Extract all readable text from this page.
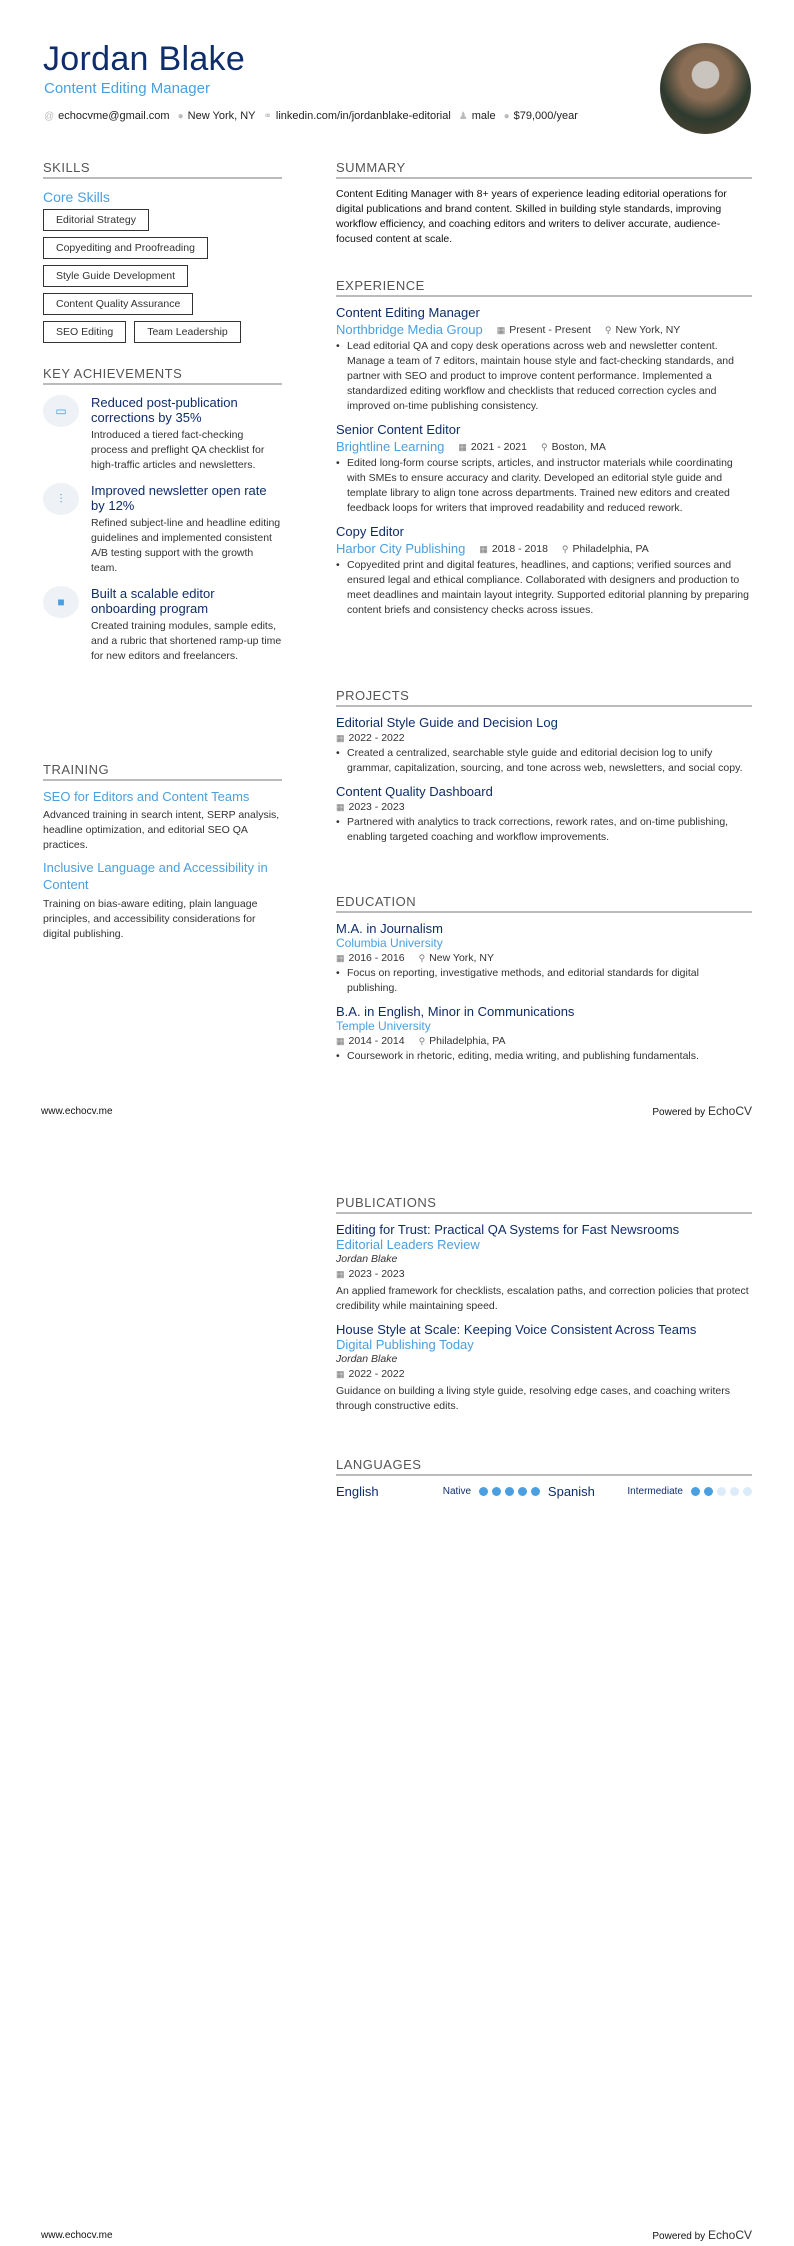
Jordan Blake
Content Editing Manager
@ echocvme@gmail.com ● New York, NY ⚭ linkedin.com/in/jordanblake-editorial ♟ male ● $79,000/year
SKILLS
Core Skills
Editorial Strategy
Copyediting and Proofreading
Style Guide Development
Content Quality Assurance
SEO Editing	Team Leadership
KEY ACHIEVEMENTS
▭
Reduced post-publication corrections by 35%
Introduced a tiered fact-checking process and preflight QA checklist for high-traffic articles and newsletters.
⫶
Improved newsletter open rate by 12%
Refined subject-line and headline editing guidelines and implemented consistent A/B testing support with the growth team.
■
Built a scalable editor onboarding program
Created training modules, sample edits, and a rubric that shortened ramp-up time for new editors and freelancers.
TRAINING
SEO for Editors and Content Teams
Advanced training in search intent, SERP analysis, headline optimization, and editorial SEO QA practices.
Inclusive Language and Accessibility in Content
Training on bias-aware editing, plain language principles, and accessibility considerations for digital publishing.
SUMMARY
Content Editing Manager with 8+ years of experience leading editorial operations for digital publications and brand content. Skilled in building style standards, improving workflow efficiency, and coaching editors and writers to deliver accurate, audience-focused content at scale.
EXPERIENCE
Content Editing Manager
Northbridge Media Group ▦ Present - Present ⚲ New York, NY
• Lead editorial QA and copy desk operations across web and newsletter content. Manage a team of 7 editors, maintain house style and fact-checking standards, and partner with SEO and product to improve content performance. Implemented a standardized editing workflow and checklists that reduced correction cycles and improved on-time publishing consistency.
Senior Content Editor
Brightline Learning ▦ 2021 - 2021 ⚲ Boston, MA
• Edited long-form course scripts, articles, and instructor materials while coordinating with SMEs to ensure accuracy and clarity. Developed an editorial style guide and template library to align tone across departments. Trained new editors and created feedback loops for writers that improved readability and reduced rework.
Copy Editor
Harbor City Publishing ▦ 2018 - 2018 ⚲ Philadelphia, PA
• Copyedited print and digital features, headlines, and captions; verified sources and ensured legal and ethical compliance. Collaborated with designers and production to meet deadlines and maintain layout integrity. Supported editorial planning by preparing content briefs and consistency checks across issues.
PROJECTS
Editorial Style Guide and Decision Log
▦ 2022 - 2022
• Created a centralized, searchable style guide and editorial decision log to unify grammar, capitalization, sourcing, and tone across web, newsletters, and social copy.
Content Quality Dashboard
▦ 2023 - 2023
• Partnered with analytics to track corrections, rework rates, and on-time publishing, enabling targeted coaching and workflow improvements.
EDUCATION
M.A. in Journalism
Columbia University
▦ 2016 - 2016 ⚲ New York, NY
• Focus on reporting, investigative methods, and editorial standards for digital publishing.
B.A. in English, Minor in Communications
Temple University
▦ 2014 - 2014 ⚲ Philadelphia, PA
• Coursework in rhetoric, editing, media writing, and publishing fundamentals.
www.echocv.me	Powered by EchoCV
PUBLICATIONS
Editing for Trust: Practical QA Systems for Fast Newsrooms
Editorial Leaders Review
Jordan Blake
▦ 2023 - 2023
An applied framework for checklists, escalation paths, and correction policies that protect credibility while maintaining speed.
House Style at Scale: Keeping Voice Consistent Across Teams
Digital Publishing Today
Jordan Blake
▦ 2022 - 2022
Guidance on building a living style guide, resolving edge cases, and coaching writers through constructive edits.
LANGUAGES
English	Native	Spanish	Intermediate
www.echocv.me	Powered by EchoCV
